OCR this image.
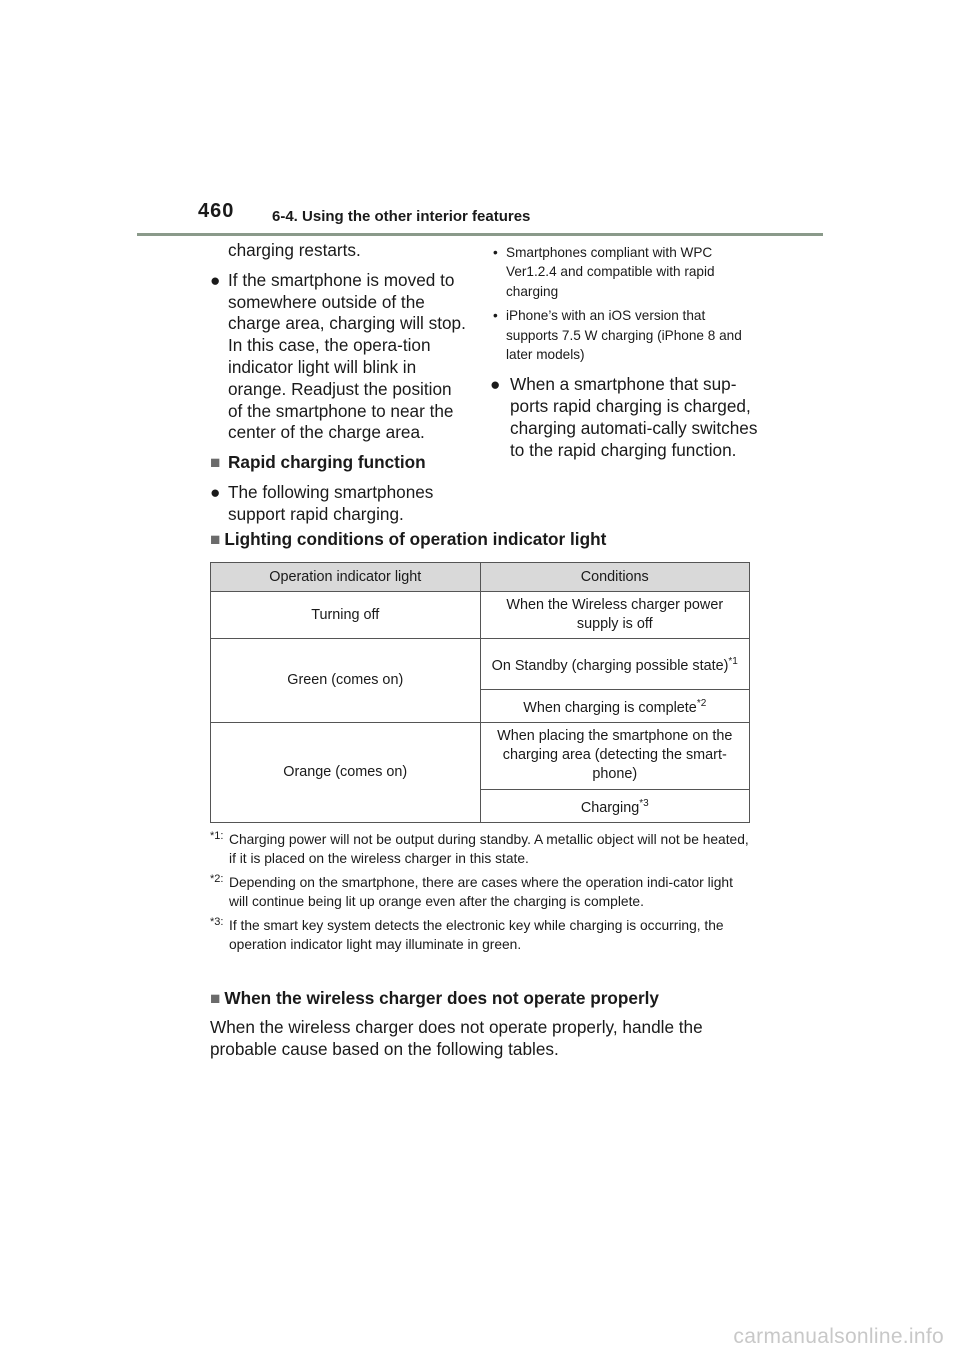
460	6-4. Using the other interior features

charging restarts.

● If the smartphone is moved to somewhere outside of the charge area, charging will stop. In this case, the opera-tion indicator light will blink in orange. Readjust the position of the smartphone to near the center of the charge area.
■ Rapid charging function
● The following smartphones support rapid charging.
• Smartphones compliant with WPC Ver1.2.4 and compatible with rapid charging
• iPhone’s with an iOS version that supports 7.5 W charging (iPhone 8 and later models)
● When a smartphone that sup-ports rapid charging is charged, charging automati-cally switches to the rapid charging function.
■ Lighting conditions of operation indicator light
Operation indicator light	Conditions
Turning off	When the Wireless charger power supply is off
Green (comes on)	On Standby (charging possible state)$^{*1}$
	When charging is complete$^{*2}$
Orange (comes on)	When placing the smartphone on the charging area (detecting the smart-phone)
	Charging$^{*3}$
*1: Charging power will not be output during standby. A metallic object will not be heated, if it is placed on the wireless charger in this state.
*2: Depending on the smartphone, there are cases where the operation indi-cator light will continue being lit up orange even after the charging is complete.
*3: If the smart key system detects the electronic key while charging is occurring, the operation indicator light may illuminate in green.
■ When the wireless charger does not operate properly
When the wireless charger does not operate properly, handle the probable cause based on the following tables.
carmanualsonline.info
